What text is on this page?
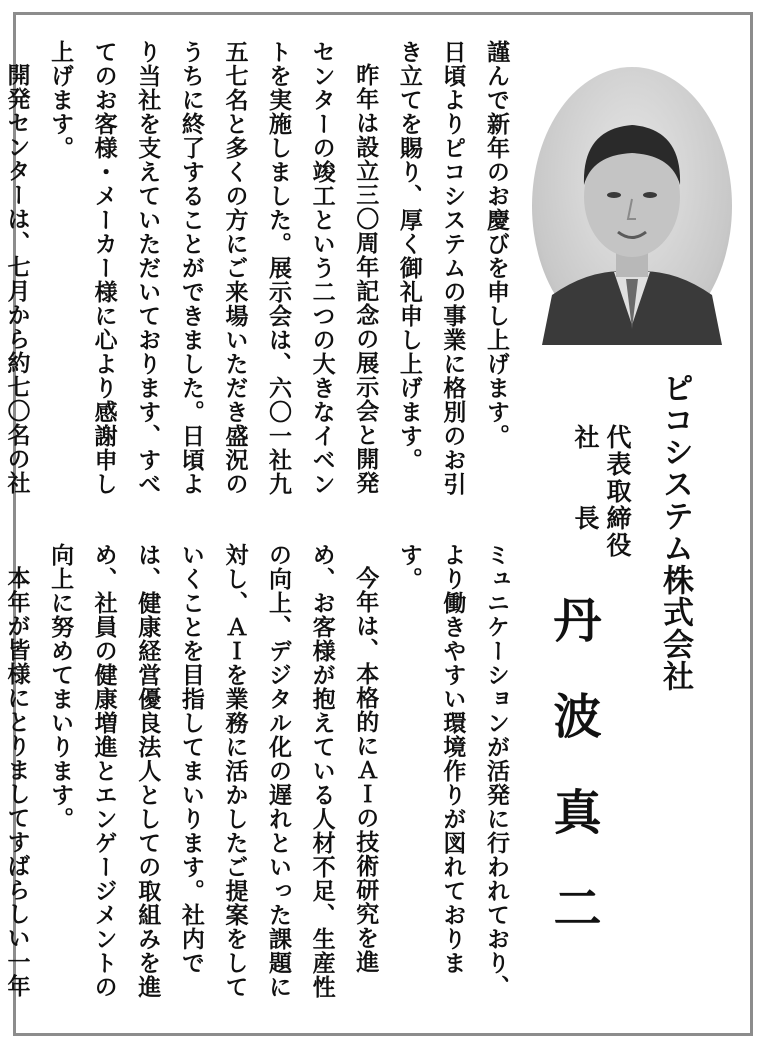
謹んで新年のお慶びを申し上げます。

日頃よりピコシステムの事業に格別のお引き立てを賜り、厚く御礼申し上げます。

昨年は設立三〇周年記念の展示会と開発センターの竣工という二つの大きなイベントを実施しました。展示会は、六〇一社九五七名と多くの方にご来場いただき盛況のうちに終了することができました。日頃より当社を支えていただいております、すべてのお客様・メーカー様に心より感謝申し上げます。

開発センターは、七月から約七〇名の社

ミュニケーションが活発に行われており、より働きやすい環境作りが図れております。

今年は、本格的にＡＩの技術研究を進め、お客様が抱えている人材不足、生産性の向上、デジタル化の遅れといった課題に対し、ＡＩを業務に活かしたご提案をしていくことを目指してまいります。社内では、健康経営優良法人としての取組みを進め、社員の健康増進とエンゲージメントの向上に努めてまいります。

本年が皆様にとりましてすばらしい一年

ピコシステム株式会社
代表取締役
社　　長
丹波真二
